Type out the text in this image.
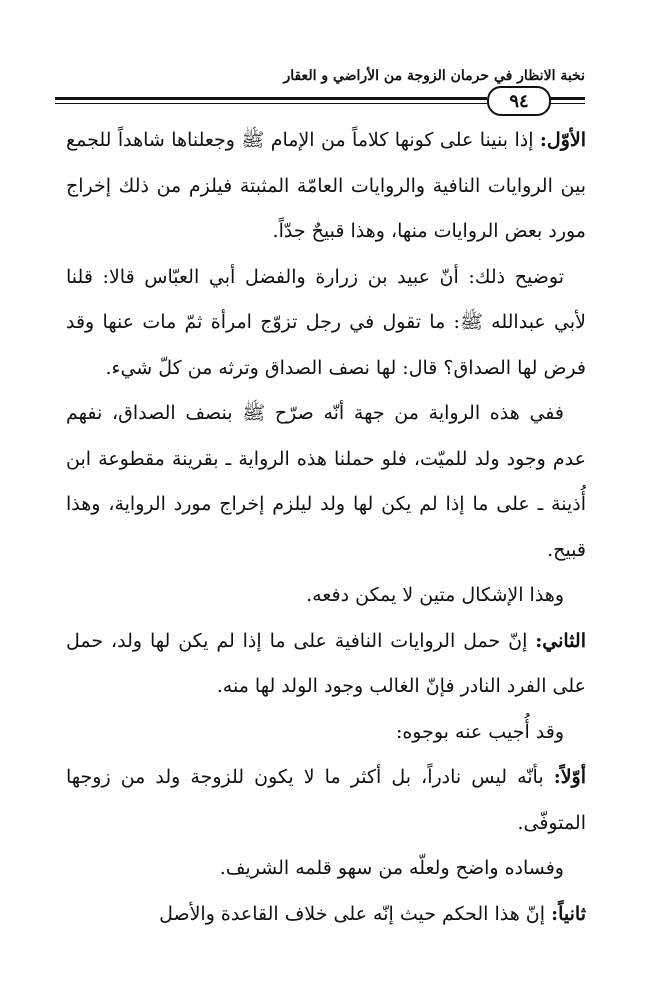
نخبة الانظار في حرمان الزوجة من الأراضي و العقار
٩٤

الأوّل: إذا بنينا على كونها كلاماً من الإمام ﷺ وجعلناها شاهداً للجمع بين الروايات النافية والروايات العامّة المثبتة فيلزم من ذلك إخراج مورد بعض الروايات منها، وهذا قبيحٌ جدّاً.

توضيح ذلك: أنّ عبيد بن زرارة والفضل أبي العبّاس قالا: قلنا لأبي عبدالله ﷺ: ما تقول في رجل تزوّج امرأة ثمّ مات عنها وقد فرض لها الصداق؟ قال: لها نصف الصداق وترثه من كلّ شيء.

ففي هذه الرواية من جهة أنّه صرّح ﷺ بنصف الصداق، نفهم عدم وجود ولد للميّت، فلو حملنا هذه الرواية ـ بقرينة مقطوعة ابن أُذينة ـ على ما إذا لم يكن لها ولد ليلزم إخراج مورد الرواية، وهذا قبيح.

وهذا الإشكال متين لا يمكن دفعه.

الثاني: إنّ حمل الروايات النافية على ما إذا لم يكن لها ولد، حمل على الفرد النادر فإنّ الغالب وجود الولد لها منه.

وقد أُجيب عنه بوجوه:

أوّلاً: بأنّه ليس نادراً، بل أكثر ما لا يكون للزوجة ولد من زوجها المتوفّى.

وفساده واضح ولعلّه من سهو قلمه الشريف.

ثانياً: إنّ هذا الحكم حيث إنّه على خلاف القاعدة والأصل
